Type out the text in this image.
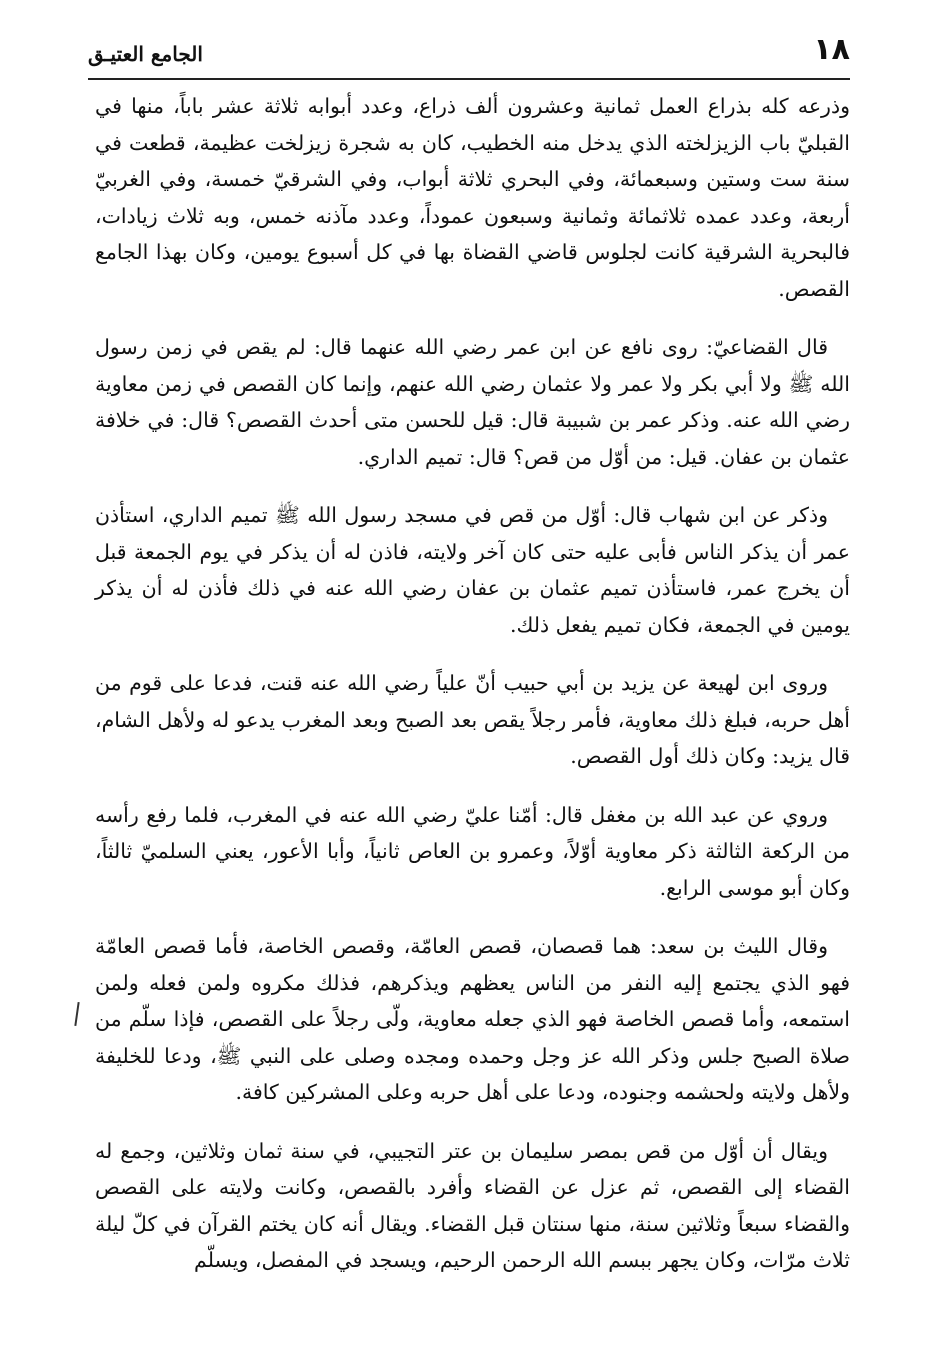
١٨
الجامع العتيـق

وذرعه كله بذراع العمل ثمانية وعشرون ألف ذراع، وعدد أبوابه ثلاثة عشر باباً، منها في القبليّ باب الزيزلخته الذي يدخل منه الخطيب، كان به شجرة زيزلخت عظيمة، قطعت في سنة ست وستين وسبعمائة، وفي البحري ثلاثة أبواب، وفي الشرقيّ خمسة، وفي الغربيّ أربعة، وعدد عمده ثلاثمائة وثمانية وسبعون عموداً، وعدد مآذنه خمس، وبه ثلاث زيادات، فالبحرية الشرقية كانت لجلوس قاضي القضاة بها في كل أسبوع يومين، وكان بهذا الجامع القصص.

قال القضاعيّ: روى نافع عن ابن عمر رضي الله عنهما قال: لم يقص في زمن رسول الله ﷺ ولا أبي بكر ولا عمر ولا عثمان رضي الله عنهم، وإنما كان القصص في زمن معاوية رضي الله عنه. وذكر عمر بن شبيبة قال: قيل للحسن متى أحدث القصص؟ قال: في خلافة عثمان بن عفان. قيل: من أوّل من قص؟ قال: تميم الداري.

وذكر عن ابن شهاب قال: أوّل من قص في مسجد رسول الله ﷺ تميم الداري، استأذن عمر أن يذكر الناس فأبى عليه حتى كان آخر ولايته، فاذن له أن يذكر في يوم الجمعة قبل أن يخرج عمر، فاستأذن تميم عثمان بن عفان رضي الله عنه في ذلك فأذن له أن يذكر يومين في الجمعة، فكان تميم يفعل ذلك.

وروى ابن لهيعة عن يزيد بن أبي حبيب أنّ علياً رضي الله عنه قنت، فدعا على قوم من أهل حربه، فبلغ ذلك معاوية، فأمر رجلاً يقص بعد الصبح وبعد المغرب يدعو له ولأهل الشام، قال يزيد: وكان ذلك أول القصص.

وروي عن عبد الله بن مغفل قال: أمّنا عليّ رضي الله عنه في المغرب، فلما رفع رأسه من الركعة الثالثة ذكر معاوية أوّلاً، وعمرو بن العاص ثانياً، وأبا الأعور، يعني السلميّ ثالثاً، وكان أبو موسى الرابع.

وقال الليث بن سعد: هما قصصان، قصص العامّة، وقصص الخاصة، فأما قصص العامّة فهو الذي يجتمع إليه النفر من الناس يعظهم ويذكرهم، فذلك مكروه ولمن فعله ولمن استمعه، وأما قصص الخاصة فهو الذي جعله معاوية، ولّى رجلاً على القصص، فإذا سلّم من صلاة الصبح جلس وذكر الله عز وجل وحمده ومجده وصلى على النبي ﷺ، ودعا للخليفة ولأهل ولايته ولحشمه وجنوده، ودعا على أهل حربه وعلى المشركين كافة.

ويقال أن أوّل من قص بمصر سليمان بن عتر التجيبي، في سنة ثمان وثلاثين، وجمع له القضاء إلى القصص، ثم عزل عن القضاء وأفرد بالقصص، وكانت ولايته على القصص والقضاء سبعاً وثلاثين سنة، منها سنتان قبل القضاء. ويقال أنه كان يختم القرآن في كلّ ليلة ثلاث مرّات، وكان يجهر ببسم الله الرحمن الرحيم، ويسجد في المفصل، ويسلّم
